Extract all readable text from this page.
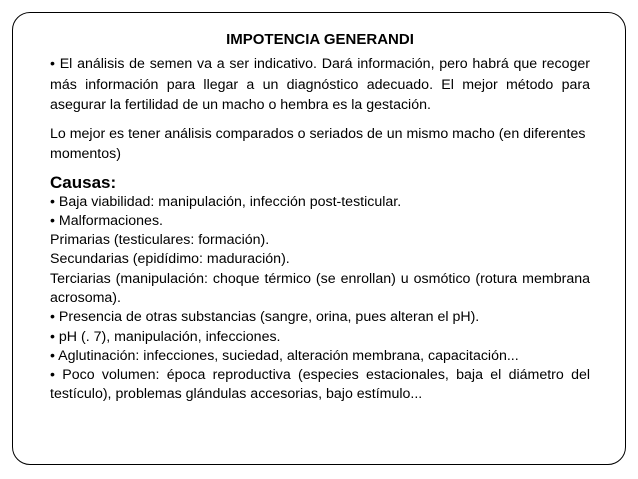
IMPOTENCIA GENERANDI

• El análisis de semen va a ser indicativo. Dará información, pero habrá que recoger más información para llegar a un diagnóstico adecuado. El mejor método para asegurar la fertilidad de un macho o hembra es la gestación.

Lo mejor es tener análisis comparados o seriados de un mismo macho (en diferentes momentos)

Causas:

• Baja viabilidad: manipulación, infección post-testicular.

• Malformaciones.

Primarias (testiculares: formación).

Secundarias (epidídimo: maduración).

Terciarias (manipulación: choque térmico (se enrollan) u osmótico (rotura membrana acrosoma).

• Presencia de otras substancias (sangre, orina, pues alteran el pH).

• pH (. 7), manipulación, infecciones.

• Aglutinación: infecciones, suciedad, alteración membrana, capacitación...

• Poco volumen: época reproductiva (especies estacionales, baja el diámetro del testículo), problemas glándulas accesorias, bajo estímulo...
